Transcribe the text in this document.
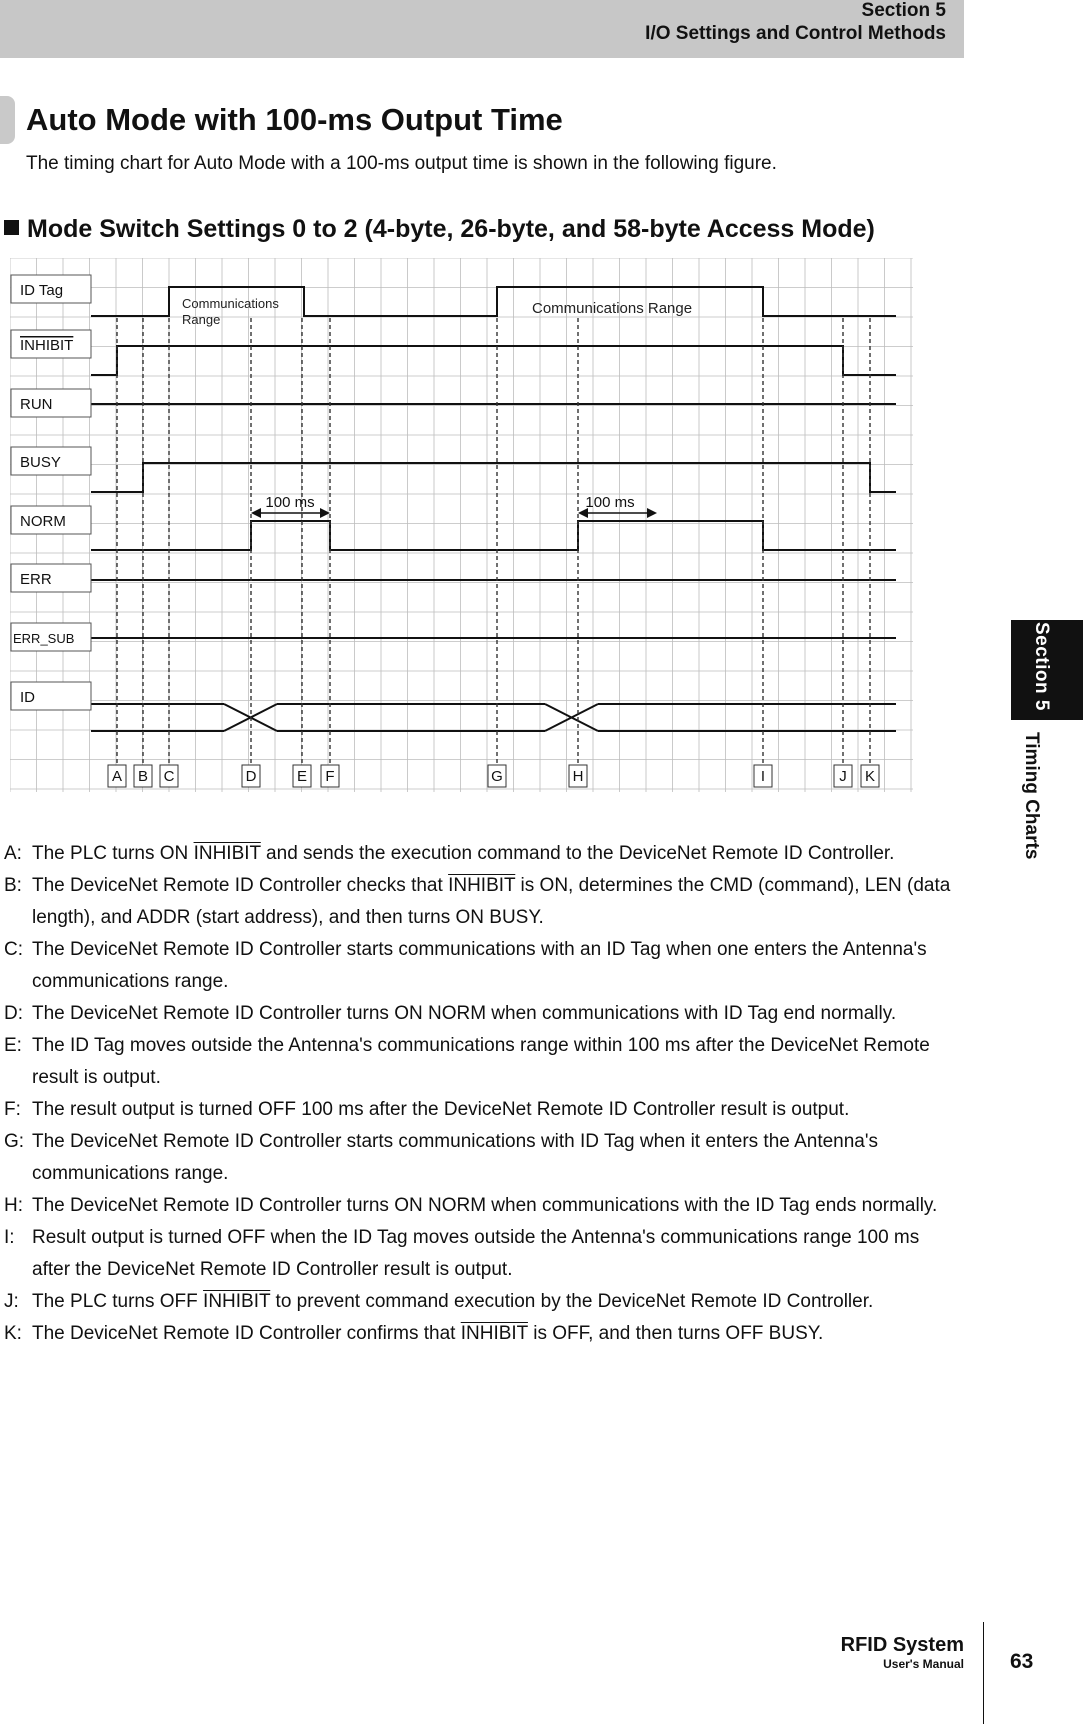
Section 5
I/O Settings and Control Methods
Auto Mode with 100-ms Output Time
The timing chart for Auto Mode with a 100-ms output time is shown in the following figure.
Mode Switch Settings 0 to 2 (4-byte, 26-byte, and 58-byte Access Mode)
ID Tag
INHIBIT
RUN
BUSY
NORM
ERR
ERR_SUB
ID
A B C	D	E F	G	H	I	J K
Communications
Range
Communications Range
100 ms	100 ms
A: The PLC turns ON INHIBIT and sends the execution command to the DeviceNet Remote ID Controller.
B: The DeviceNet Remote ID Controller checks that INHIBIT is ON, determines the CMD (command), LEN (data length), and ADDR (start address), and then turns ON BUSY.
C: The DeviceNet Remote ID Controller starts communications with an ID Tag when one enters the Antenna's communications range.
D: The DeviceNet Remote ID Controller turns ON NORM when communications with ID Tag end normally.
E: The ID Tag moves outside the Antenna's communications range within 100 ms after the DeviceNet Remote result is output.
F: The result output is turned OFF 100 ms after the DeviceNet Remote ID Controller result is output.
G: The DeviceNet Remote ID Controller starts communications with ID Tag when it enters the Antenna's communications range.
H: The DeviceNet Remote ID Controller turns ON NORM when communications with the ID Tag ends normally.
I: Result output is turned OFF when the ID Tag moves outside the Antenna's communications range 100 ms after the DeviceNet Remote ID Controller result is output.
J: The PLC turns OFF INHIBIT to prevent command execution by the DeviceNet Remote ID Controller.
K: The DeviceNet Remote ID Controller confirms that INHIBIT is OFF, and then turns OFF BUSY.
Section 5
Timing Charts
RFID System
User's Manual 63
